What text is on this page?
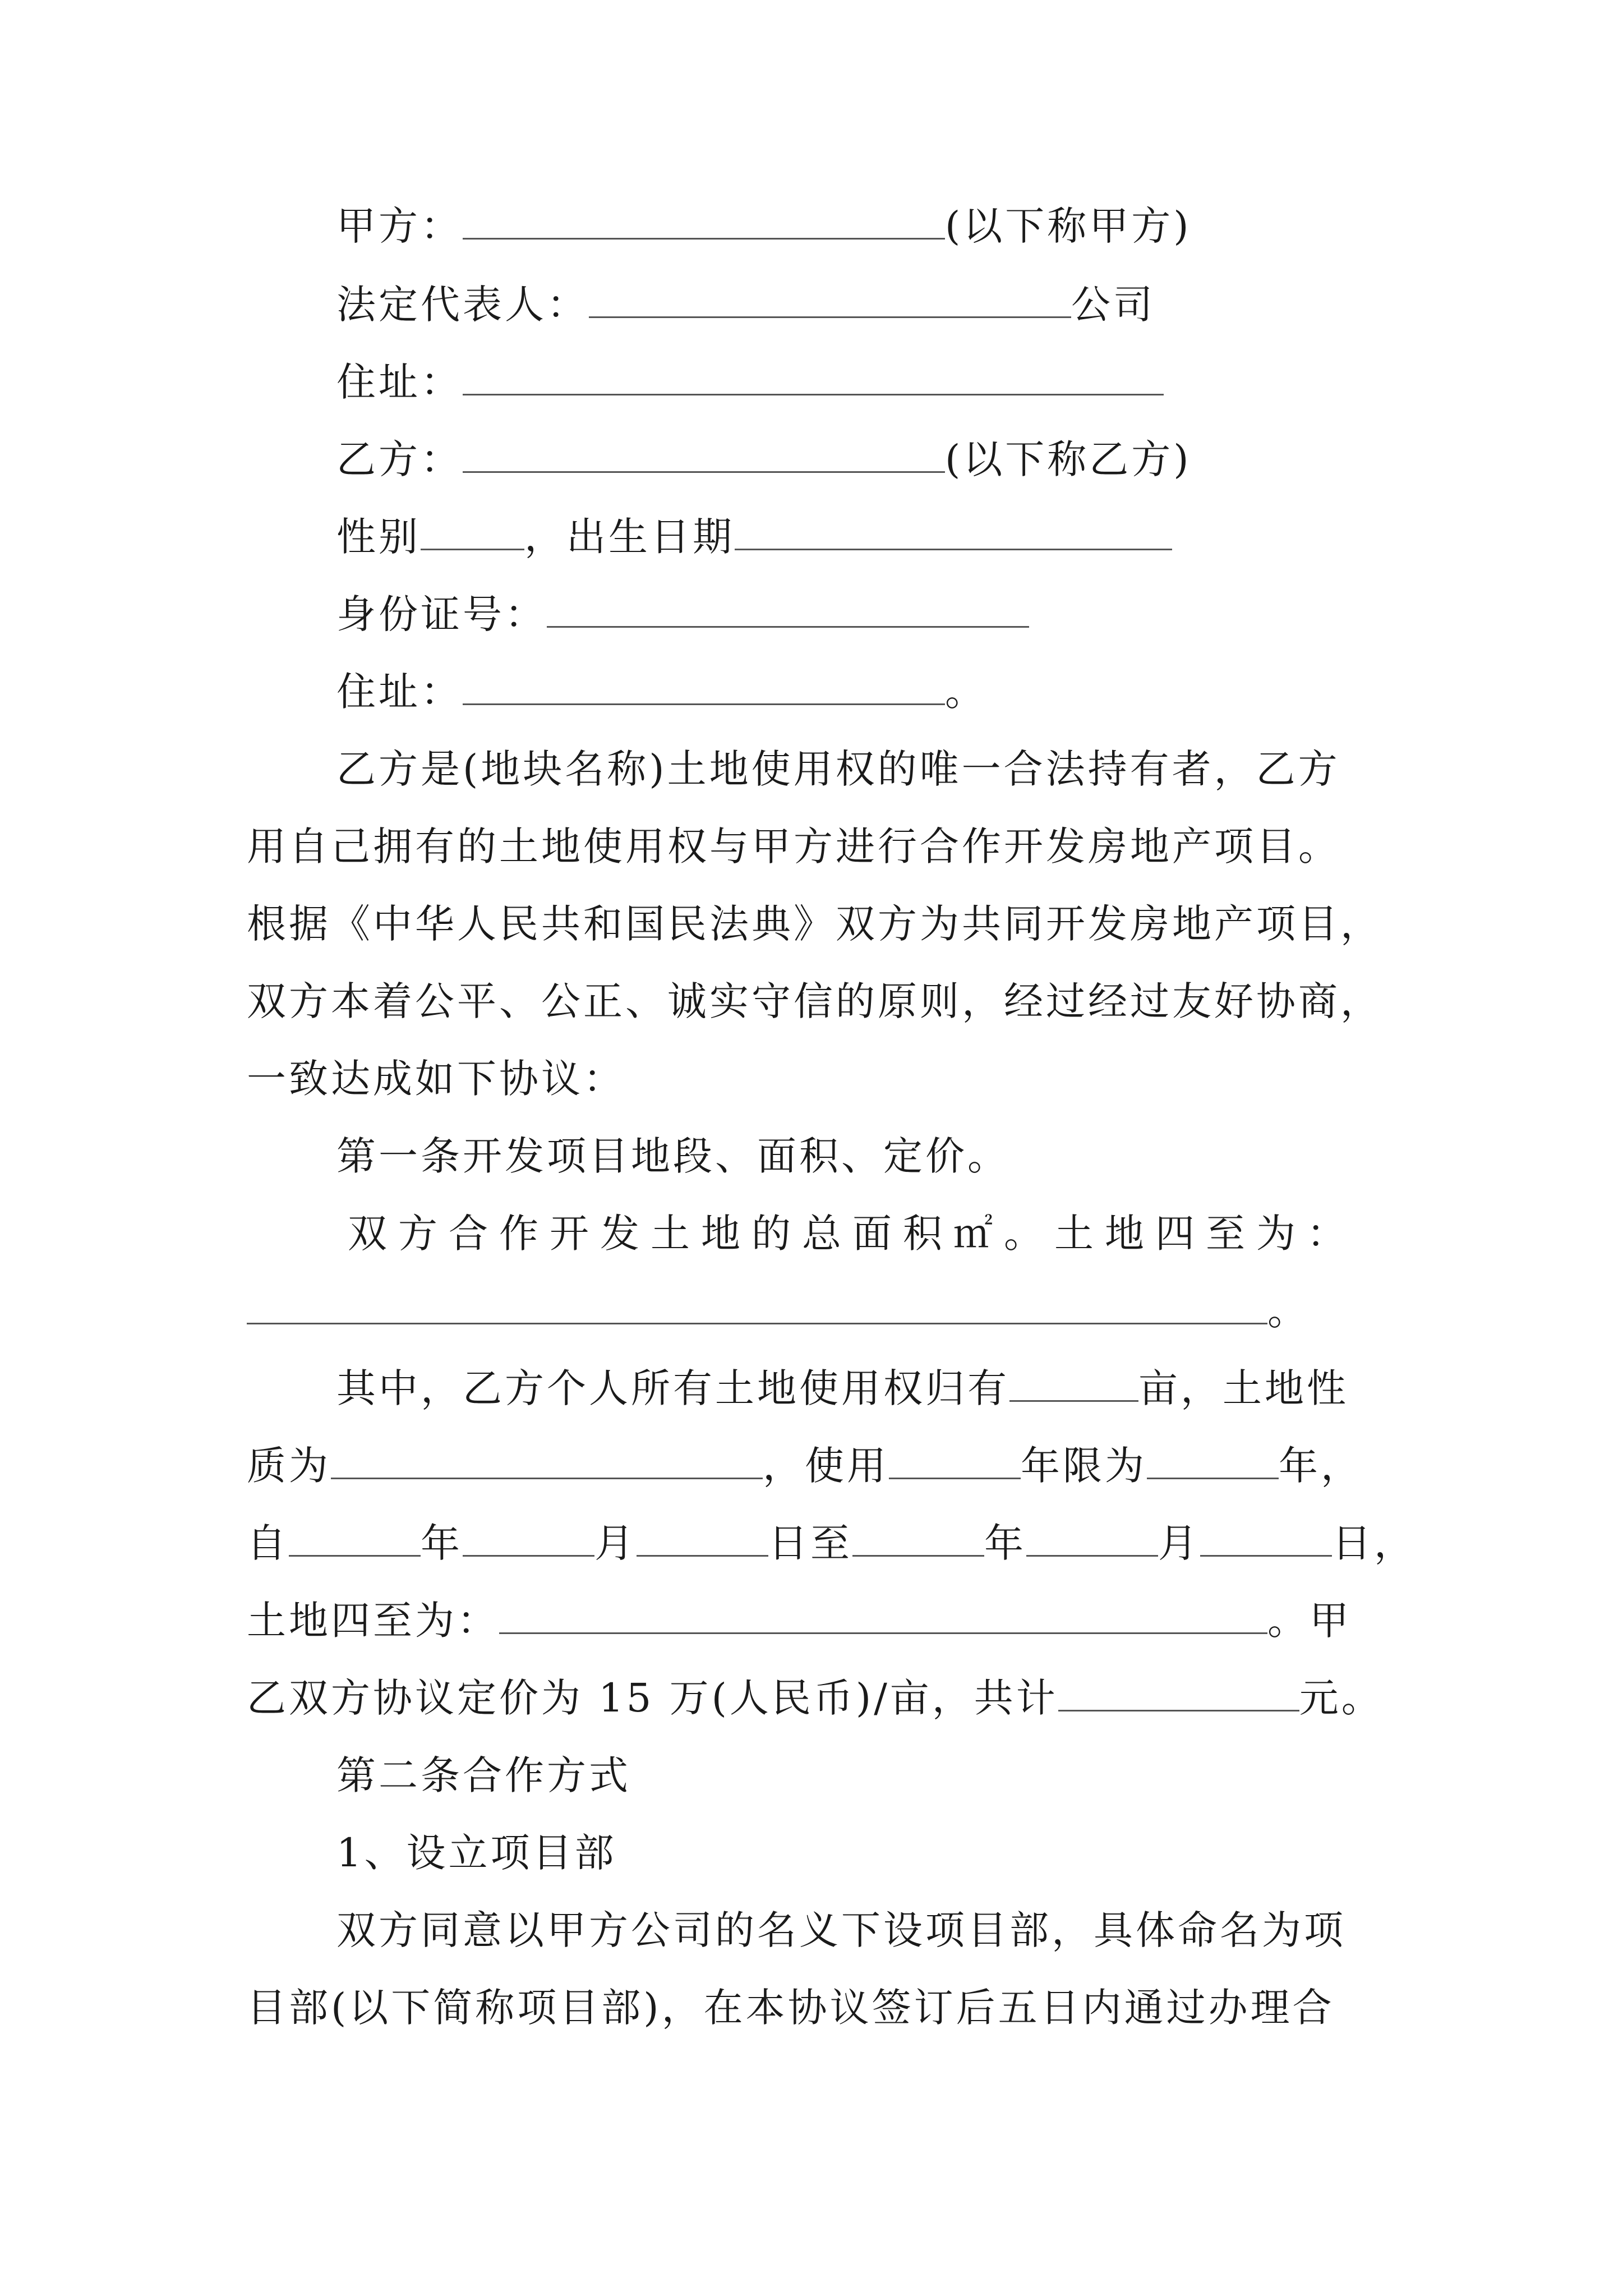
甲方：	(以下称甲方)
法定代表人：	公司
住址：
乙方：	(以下称乙方)
性别	，出生日期
身份证号：
住址：	。
乙方是(地块名称)土地使用权的唯一合法持有者，乙方
用自己拥有的土地使用权与甲方进行合作开发房地产项目。
根据《中华人民共和国民法典》双方为共同开发房地产项目，
双方本着公平、公正、诚实守信的原则，经过经过友好协商，
一致达成如下协议：
第一条开发项目地段、面积、定价。
双 方 合 作 开 发 土 地 的 总 面 积 ㎡ 。 土 地 四 至 为 ：
。
其中，乙方个人所有土地使用权归有	亩，土地性
质为	，使用	年限为	年，
自	年	月	日至	年	月	日，
土地四至为：	。甲
乙双方协议定价为 15 万(人民币)/亩，共计	元。
第二条合作方式
1、设立项目部
双方同意以甲方公司的名义下设项目部，具体命名为项
目部(以下简称项目部)，在本协议签订后五日内通过办理合
